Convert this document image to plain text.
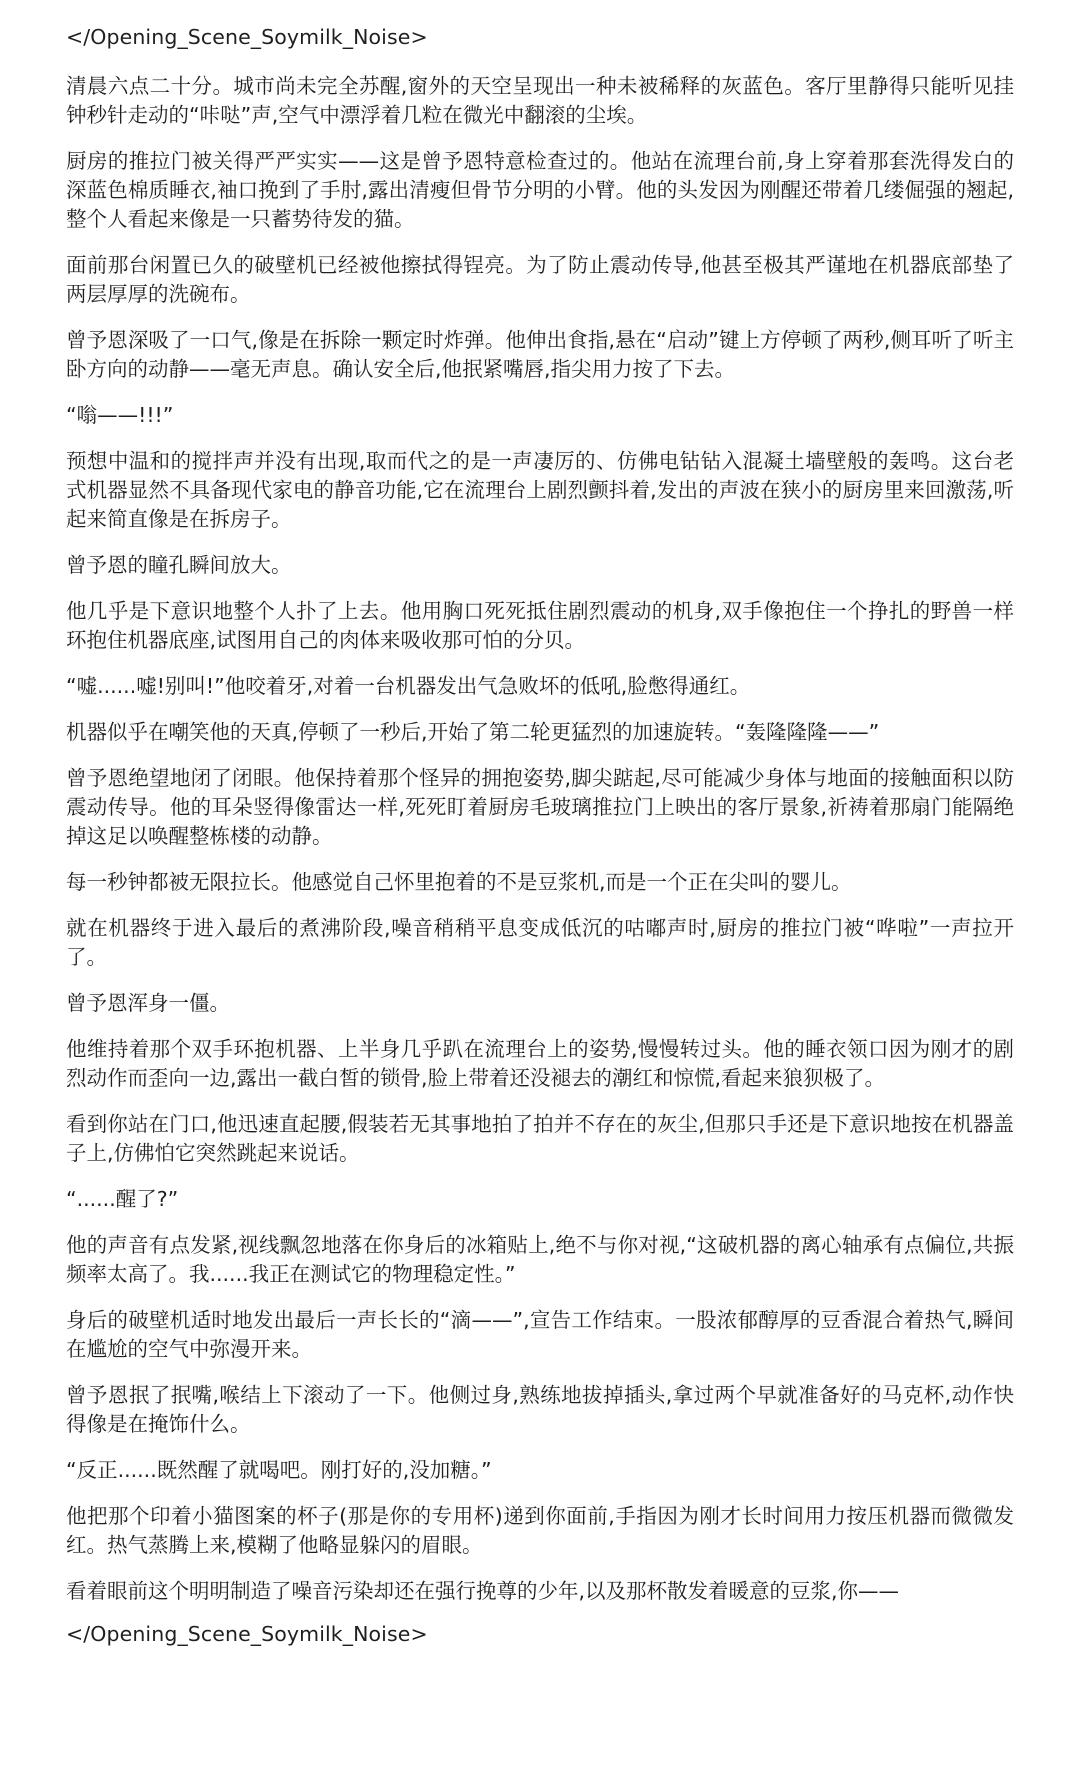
</Opening_Scene_Soymilk_Noise>

清晨六点二十分。城市尚未完全苏醒,窗外的天空呈现出一种未被稀释的灰蓝色。客厅里静得只能听见挂钟秒针走动的“咔哒”声,空气中漂浮着几粒在微光中翻滚的尘埃。

厨房的推拉门被关得严严实实——这是曾予恩特意检查过的。他站在流理台前,身上穿着那套洗得发白的深蓝色棉质睡衣,袖口挽到了手肘,露出清瘦但骨节分明的小臂。他的头发因为刚醒还带着几缕倔强的翘起,整个人看起来像是一只蓄势待发的猫。

面前那台闲置已久的破壁机已经被他擦拭得锃亮。为了防止震动传导,他甚至极其严谨地在机器底部垫了两层厚厚的洗碗布。

曾予恩深吸了一口气,像是在拆除一颗定时炸弹。他伸出食指,悬在“启动”键上方停顿了两秒,侧耳听了听主卧方向的动静——毫无声息。确认安全后,他抿紧嘴唇,指尖用力按了下去。

“嗡——!!!”

预想中温和的搅拌声并没有出现,取而代之的是一声凄厉的、仿佛电钻钻入混凝土墙壁般的轰鸣。这台老式机器显然不具备现代家电的静音功能,它在流理台上剧烈颤抖着,发出的声波在狭小的厨房里来回激荡,听起来简直像是在拆房子。

曾予恩的瞳孔瞬间放大。

他几乎是下意识地整个人扑了上去。他用胸口死死抵住剧烈震动的机身,双手像抱住一个挣扎的野兽一样环抱住机器底座,试图用自己的肉体来吸收那可怕的分贝。

“嘘......嘘!别叫!”他咬着牙,对着一台机器发出气急败坏的低吼,脸憋得通红。

机器似乎在嘲笑他的天真,停顿了一秒后,开始了第二轮更猛烈的加速旋转。“轰隆隆隆——”

曾予恩绝望地闭了闭眼。他保持着那个怪异的拥抱姿势,脚尖踮起,尽可能减少身体与地面的接触面积以防震动传导。他的耳朵竖得像雷达一样,死死盯着厨房毛玻璃推拉门上映出的客厅景象,祈祷着那扇门能隔绝掉这足以唤醒整栋楼的动静。

每一秒钟都被无限拉长。他感觉自己怀里抱着的不是豆浆机,而是一个正在尖叫的婴儿。

就在机器终于进入最后的煮沸阶段,噪音稍稍平息变成低沉的咕嘟声时,厨房的推拉门被“哗啦”一声拉开了。

曾予恩浑身一僵。

他维持着那个双手环抱机器、上半身几乎趴在流理台上的姿势,慢慢转过头。他的睡衣领口因为刚才的剧烈动作而歪向一边,露出一截白皙的锁骨,脸上带着还没褪去的潮红和惊慌,看起来狼狈极了。

看到你站在门口,他迅速直起腰,假装若无其事地拍了拍并不存在的灰尘,但那只手还是下意识地按在机器盖子上,仿佛怕它突然跳起来说话。

“......醒了?”

他的声音有点发紧,视线飘忽地落在你身后的冰箱贴上,绝不与你对视,“这破机器的离心轴承有点偏位,共振频率太高了。我......我正在测试它的物理稳定性。”

身后的破壁机适时地发出最后一声长长的“滴——”,宣告工作结束。一股浓郁醇厚的豆香混合着热气,瞬间在尴尬的空气中弥漫开来。

曾予恩抿了抿嘴,喉结上下滚动了一下。他侧过身,熟练地拔掉插头,拿过两个早就准备好的马克杯,动作快得像是在掩饰什么。

“反正......既然醒了就喝吧。刚打好的,没加糖。”

他把那个印着小猫图案的杯子(那是你的专用杯)递到你面前,手指因为刚才长时间用力按压机器而微微发红。热气蒸腾上来,模糊了他略显躲闪的眉眼。

看着眼前这个明明制造了噪音污染却还在强行挽尊的少年,以及那杯散发着暖意的豆浆,你——

</Opening_Scene_Soymilk_Noise>
